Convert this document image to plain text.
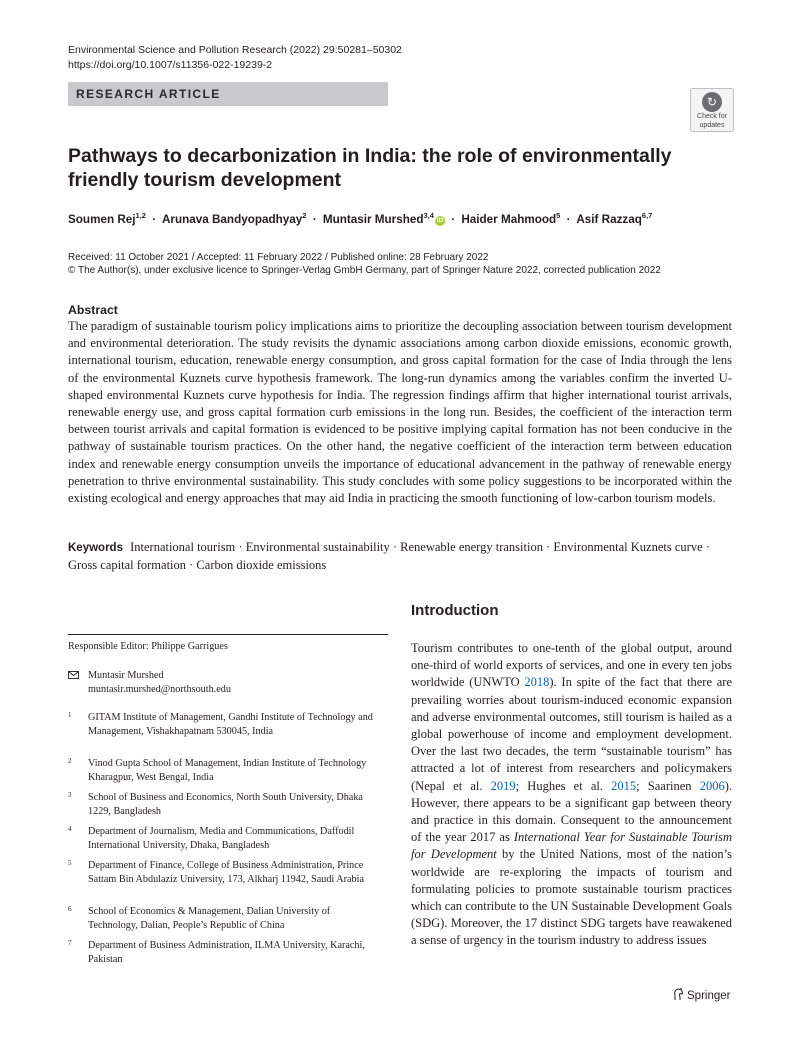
Environmental Science and Pollution Research (2022) 29:50281–50302
https://doi.org/10.1007/s11356-022-19239-2
RESEARCH ARTICLE
↻
Check for
updates
Pathways to decarbonization in India: the role of environmentally friendly tourism development
Soumen Rej$^{1,2}$ · Arunava Bandyopadhyay$^2$ · Muntasir Murshed$^{3,4}$iD · Haider Mahmood$^5$ · Asif Razzaq$^{6,7}$
Received: 11 October 2021 / Accepted: 11 February 2022 / Published online: 28 February 2022
© The Author(s), under exclusive licence to Springer-Verlag GmbH Germany, part of Springer Nature 2022, corrected publication 2022
Abstract
The paradigm of sustainable tourism policy implications aims to prioritize the decoupling association between tourism development and environmental deterioration. The study revisits the dynamic associations among carbon dioxide emissions, economic growth, international tourism, education, renewable energy consumption, and gross capital formation for the case of India through the lens of the environmental Kuznets curve hypothesis framework. The long-run dynamics among the variables confirm the inverted U-shaped environmental Kuznets curve hypothesis for India. The regression findings affirm that higher international tourist arrivals, renewable energy use, and gross capital formation curb emissions in the long run. Besides, the coefficient of the interaction term between tourist arrivals and capital formation is evidenced to be positive implying capital formation has not been conducive in the pathway of sustainable tourism practices. On the other hand, the negative coefficient of the interaction term between education index and renewable energy consumption unveils the importance of educational advancement in the pathway of renewable energy penetration to thrive environmental sustainability. This study concludes with some policy suggestions to be incorporated within the existing ecological and energy approaches that may aid India in practicing the smooth functioning of low-carbon tourism models.
Keywords International tourism · Environmental sustainability · Renewable energy transition · Environmental Kuznets curve · Gross capital formation · Carbon dioxide emissions
Responsible Editor: Philippe Garrigues
Muntasir Murshed
muntasir.murshed@northsouth.edu
1 GITAM Institute of Management, Gandhi Institute of Technology and Management, Vishakhapatnam 530045, India
2 Vinod Gupta School of Management, Indian Institute of Technology Kharagpur, West Bengal, India
3 School of Business and Economics, North South University, Dhaka 1229, Bangladesh
4 Department of Journalism, Media and Communications, Daffodil International University, Dhaka, Bangladesh
5 Department of Finance, College of Business Administration, Prince Sattam Bin Abdulaziz University, 173, Alkharj 11942, Saudi Arabia
6 School of Economics & Management, Dalian University of Technology, Dalian, People’s Republic of China
7 Department of Business Administration, ILMA University, Karachi, Pakistan
Introduction
Tourism contributes to one-tenth of the global output, around one-third of world exports of services, and one in every ten jobs worldwide (UNWTO 2018). In spite of the fact that there are prevailing worries about tourism-induced economic expansion and adverse environmental outcomes, still tourism is hailed as a global powerhouse of income and employment development. Over the last two decades, the term “sustainable tourism” has attracted a lot of interest from researchers and policymakers (Nepal et al. 2019; Hughes et al. 2015; Saarinen 2006). However, there appears to be a significant gap between theory and practice in this domain. Consequent to the announcement of the year 2017 as International Year for Sustainable Tourism for Development by the United Nations, most of the nation’s worldwide are re-exploring the impacts of tourism and formulating policies to promote sustainable tourism practices which can contribute to the UN Sustainable Development Goals (SDG). Moreover, the 17 distinct SDG targets have reawakened a sense of urgency in the tourism industry to address issues
Springer
